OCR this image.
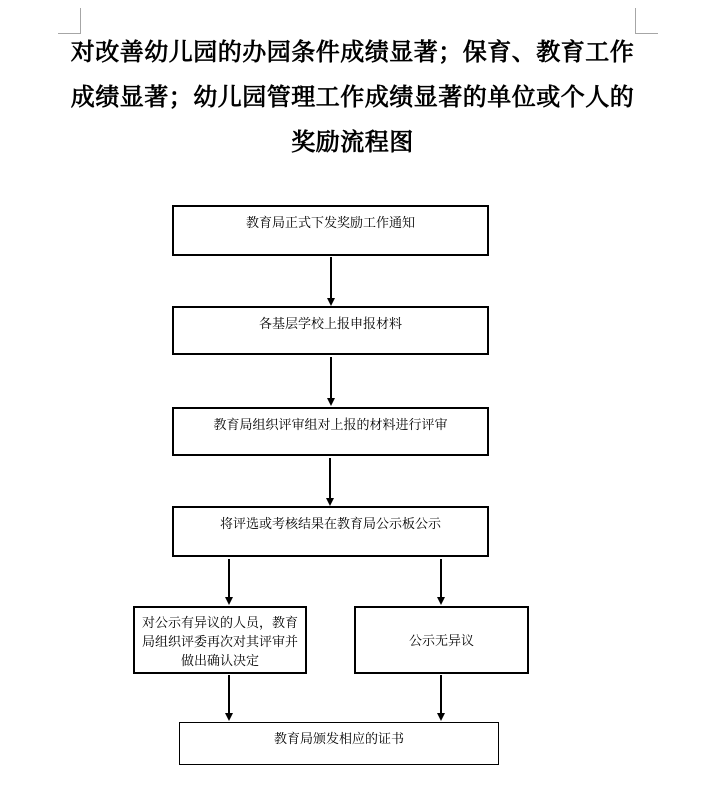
对改善幼儿园的办园条件成绩显著；保育、教育工作
成绩显著；幼儿园管理工作成绩显著的单位或个人的
奖励流程图
教育局正式下发奖励工作通知
各基层学校上报申报材料
教育局组织评审组对上报的材料进行评审
将评选或考核结果在教育局公示板公示
对公示有异议的人员，教育局组织评委再次对其评审并做出确认决定
公示无异议
教育局颁发相应的证书
